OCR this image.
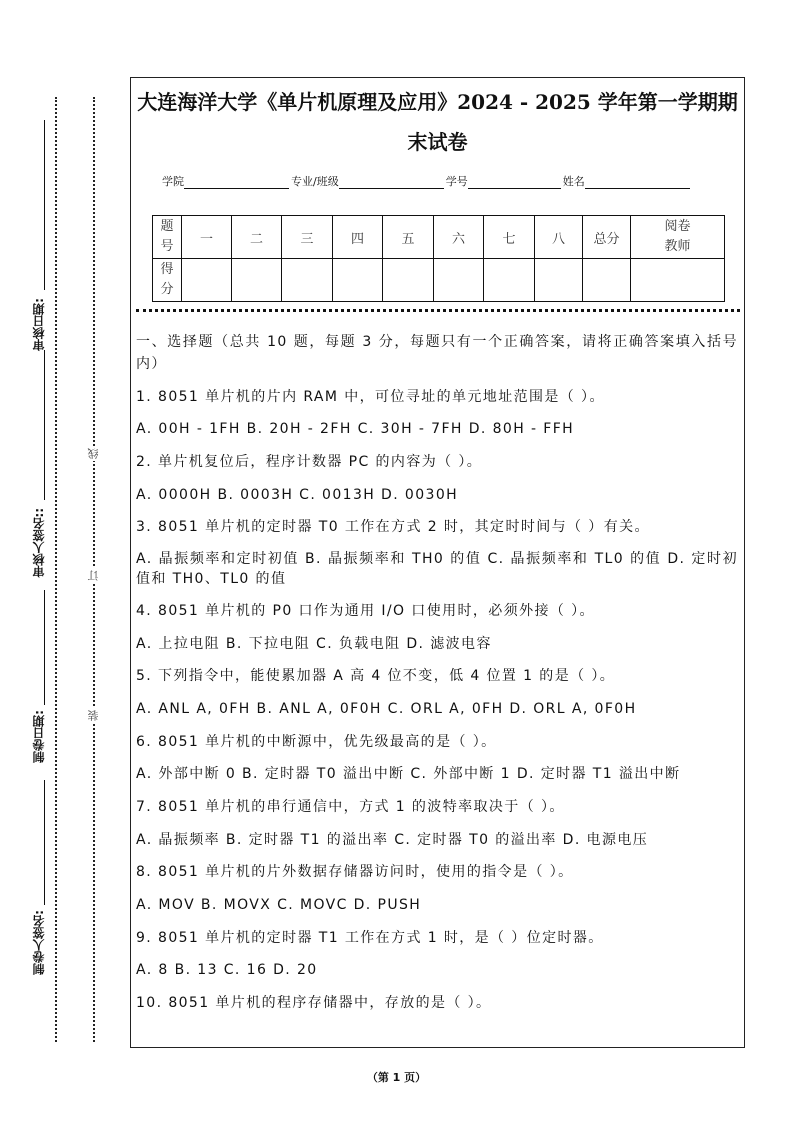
审核日期:
审核人签名::
制卷日期:
制卷人签名:
线
订
装
大连海洋大学《单片机原理及应用》2024 - 2025 学年第一学期期
末试卷
学院	专业/班级	学号	姓名
题号	一	二	三	四	五	六	七	八	总分	阅卷教师
得分										
一、选择题（总共 10 题，每题 3 分，每题只有一个正确答案，请将正确答案填入括号内）
1. 8051 单片机的片内 RAM 中，可位寻址的单元地址范围是（ ）。
A. 00H - 1FH B. 20H - 2FH C. 30H - 7FH D. 80H - FFH
2. 单片机复位后，程序计数器 PC 的内容为（ ）。
A. 0000H B. 0003H C. 0013H D. 0030H
3. 8051 单片机的定时器 T0 工作在方式 2 时，其定时时间与（ ）有关。
A. 晶振频率和定时初值 B. 晶振频率和 TH0 的值 C. 晶振频率和 TL0 的值 D. 定时初值和 TH0、TL0 的值
4. 8051 单片机的 P0 口作为通用 I/O 口使用时，必须外接（ ）。
A. 上拉电阻 B. 下拉电阻 C. 负载电阻 D. 滤波电容
5. 下列指令中，能使累加器 A 高 4 位不变，低 4 位置 1 的是（ ）。
A. ANL A, 0FH B. ANL A, 0F0H C. ORL A, 0FH D. ORL A, 0F0H
6. 8051 单片机的中断源中，优先级最高的是（ ）。
A. 外部中断 0 B. 定时器 T0 溢出中断 C. 外部中断 1 D. 定时器 T1 溢出中断
7. 8051 单片机的串行通信中，方式 1 的波特率取决于（ ）。
A. 晶振频率 B. 定时器 T1 的溢出率 C. 定时器 T0 的溢出率 D. 电源电压
8. 8051 单片机的片外数据存储器访问时，使用的指令是（ ）。
A. MOV B. MOVX C. MOVC D. PUSH
9. 8051 单片机的定时器 T1 工作在方式 1 时，是（ ）位定时器。
A. 8 B. 13 C. 16 D. 20
10. 8051 单片机的程序存储器中，存放的是（ ）。
（第 1 页）
